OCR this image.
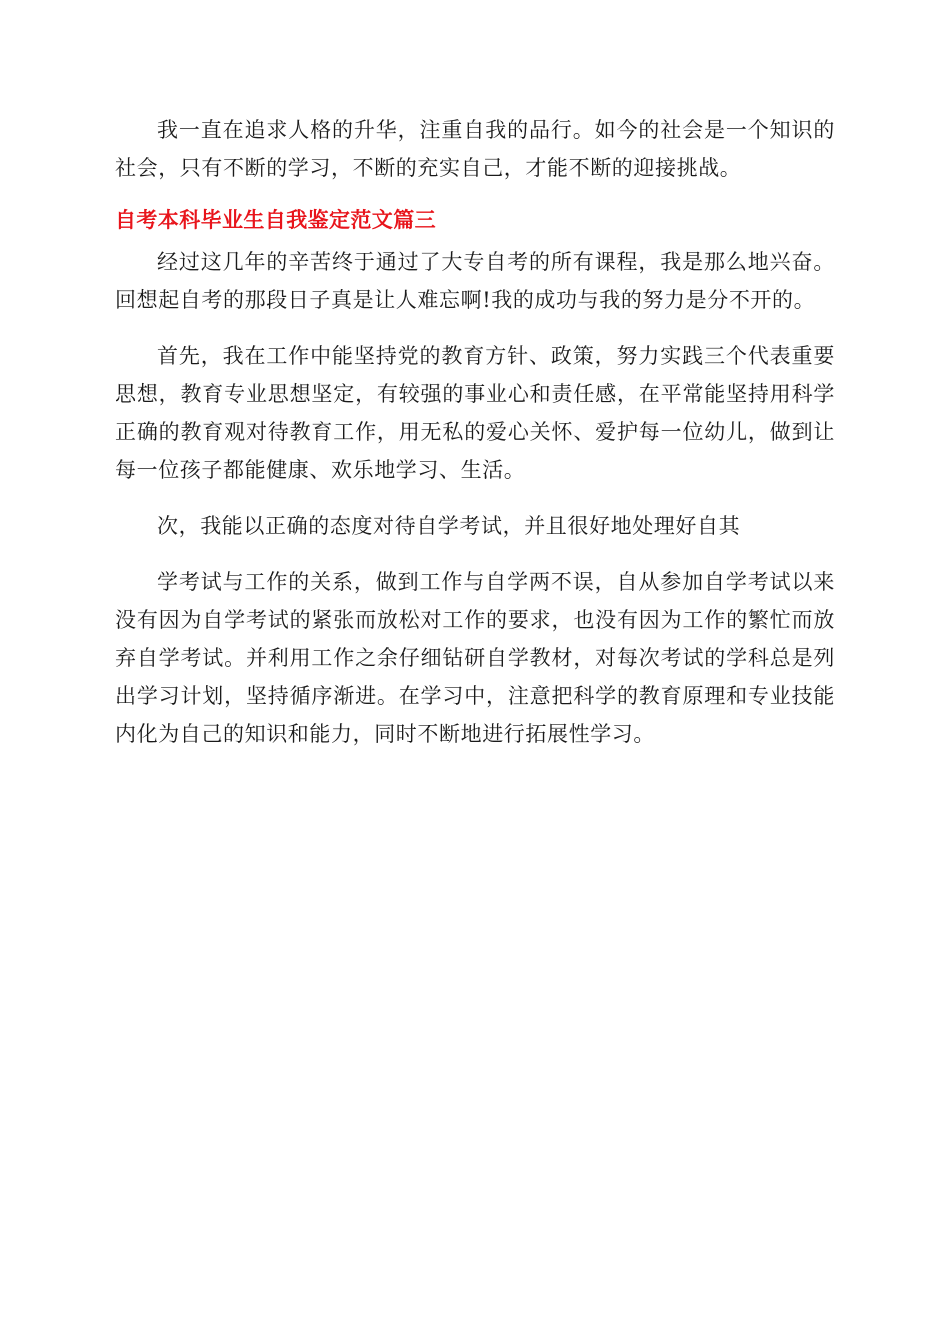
我一直在追求人格的升华，注重自我的品行。如今的社会是一个知识的社会，只有不断的学习，不断的充实自己，才能不断的迎接挑战。

自考本科毕业生自我鉴定范文篇三

经过这几年的辛苦终于通过了大专自考的所有课程，我是那么地兴奋。回想起自考的那段日子真是让人难忘啊!我的成功与我的努力是分不开的。

首先，我在工作中能坚持党的教育方针、政策，努力实践三个代表重要思想，教育专业思想坚定，有较强的事业心和责任感，在平常能坚持用科学正确的教育观对待教育工作，用无私的爱心关怀、爱护每一位幼儿，做到让每一位孩子都能健康、欢乐地学习、生活。

次，我能以正确的态度对待自学考试，并且很好地处理好自其

学考试与工作的关系，做到工作与自学两不误，自从参加自学考试以来没有因为自学考试的紧张而放松对工作的要求，也没有因为工作的繁忙而放弃自学考试。并利用工作之余仔细钻研自学教材，对每次考试的学科总是列出学习计划，坚持循序渐进。在学习中，注意把科学的教育原理和专业技能内化为自己的知识和能力，同时不断地进行拓展性学习。
